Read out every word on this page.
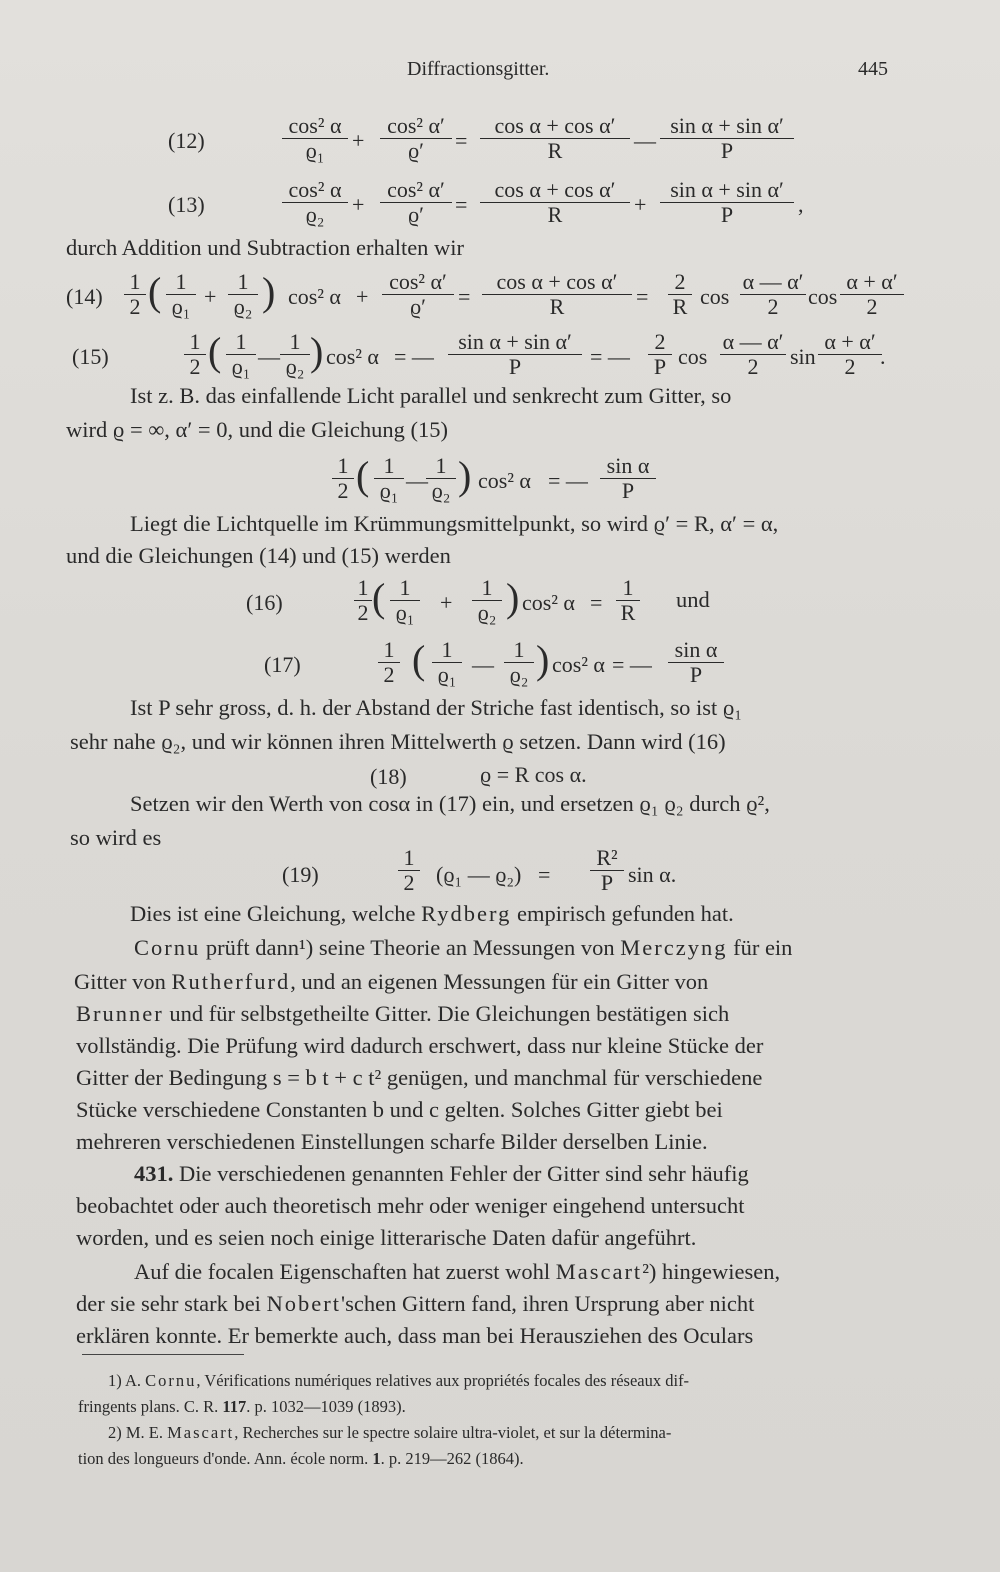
Diffractionsgitter.	445
(12)	$\frac{\text{cos² α}}{\text{ϱ₁}} + \frac{\text{cos² α′}}{ϱ'} = \frac{\text{cos α + cos α′}}{R}$ — $\frac{\text{sin α + sin α′}}{P}$
(13)	$\frac{\text{cos² α}}{\text{ϱ₂}} + \frac{\text{cos² α′}}{ϱ'} = \frac{\text{cos α + cos α′}}{R} + \frac{\text{sin α + sin α′}}{P}$ ,
durch Addition und Subtraction erhalten wir
$(14) \frac{1}{2}$ ( $\frac{1}{\text{ϱ₁}} + \frac{1}{\text{ϱ₂}}$ ) cos² $\alpha + \frac{\text{cos² α′}}{ϱ'} = \frac{\text{cos α + cos α′}}{R} = \frac{2}{R}$ $\cos \frac{\alpha — \alpha'}{2}$ $\cos \frac{\alpha + \alpha'}{2}$
(15)	$\frac{1}{2}$ ( $\frac{1}{\text{ϱ₁}}$ — $\frac{1}{\text{ϱ₂}}$ ) cos² α = — $\frac{\text{sin α + sin α′}}{P}$ = — $\frac{2}{P}$ $\cos \frac{\alpha — \alpha'}{2}$ $\sin \frac{\alpha + \alpha'}{2}$
.
Ist z. B. das einfallende Licht parallel und senkrecht zum Gitter, so
wird ϱ = ∞, α′ = 0, und die Gleichung (15)
$\frac{1}{2}$ ( $\frac{1}{\text{ϱ₁}}$ —
$\frac{1}{\text{ϱ₂}}$ ) cos² α = — $\frac{\text{sin α}}{P}$
Liegt die Lichtquelle im Krümmungsmittelpunkt, so wird ϱ′ = R, α′ = α,
und die Gleichungen (14) und (15) werden
(16)	$\frac{1}{2}$ ( $\frac{1}{\text{ϱ₁}} + \frac{1}{\text{ϱ₂}}$ ) cos² $\alpha = \frac{1}{R}$ und
(17)	$\frac{1}{2}$ ( $\frac{1}{\text{ϱ₁}}$ — $\frac{1}{\text{ϱ₂}}$ ) cos² α = — $\frac{\text{sin α}}{P}$
Ist P sehr gross, d. h. der Abstand der Striche fast identisch, so ist ϱ₁
sehr nahe ϱ₂, und wir können ihren Mittelwerth ϱ setzen. Dann wird (16)
(18)	ϱ = R cos α.
Setzen wir den Werth von cosα in (17) ein, und ersetzen ϱ₁ ϱ₂ durch ϱ²,
so wird es
(19)	$\frac{1}{2} (ϱ_1$ — $ϱ_2) = \frac{\text{R²}}{P}$ sin α.
Dies ist eine Gleichung, welche Rydberg empirisch gefunden hat.
Cornu prüft dann¹) seine Theorie an Messungen von Merczyng für ein
Gitter von Rutherfurd, und an eigenen Messungen für ein Gitter von
Brunner und für selbstgetheilte Gitter. Die Gleichungen bestätigen sich
vollständig. Die Prüfung wird dadurch erschwert, dass nur kleine Stücke der
Gitter der Bedingung s = b t + c t² genügen, und manchmal für verschiedene
Stücke verschiedene Constanten b und c gelten. Solches Gitter giebt bei
mehreren verschiedenen Einstellungen scharfe Bilder derselben Linie.
431. Die verschiedenen genannten Fehler der Gitter sind sehr häufig
beobachtet oder auch theoretisch mehr oder weniger eingehend untersucht
worden, und es seien noch einige litterarische Daten dafür angeführt.
Auf die focalen Eigenschaften hat zuerst wohl Mascart²) hingewiesen,
der sie sehr stark bei Nobert'schen Gittern fand, ihren Ursprung aber nicht
erklären konnte. Er bemerkte auch, dass man bei Herausziehen des Oculars
1) A. Cornu, Vérifications numériques relatives aux propriétés focales des réseaux dif-
fringents plans. C. R. 117. p. 1032—1039 (1893).
2) M. E. Mascart, Recherches sur le spectre solaire ultra-violet, et sur la détermina-
tion des longueurs d'onde. Ann. école norm. 1. p. 219—262 (1864).
